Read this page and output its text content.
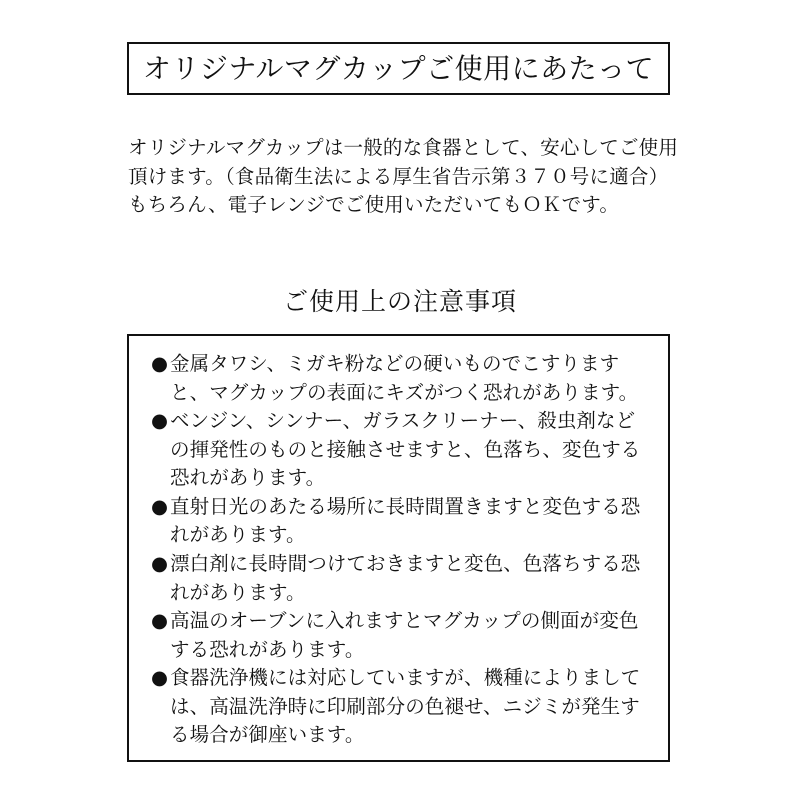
オリジナルマグカップご使用にあたって
オリジナルマグカップは一般的な食器として、安心してご使用頂けます。（食品衛生法による厚生省告示第３７０号に適合）もちろん、電子レンジでご使用いただいてもＯＫです。
ご使用上の注意事項
● 金属タワシ、ミガキ粉などの硬いものでこすりますと、マグカップの表面にキズがつく恐れがあります。
● ベンジン、シンナー、ガラスクリーナー、殺虫剤などの揮発性のものと接触させますと、色落ち、変色する恐れがあります。
● 直射日光のあたる場所に長時間置きますと変色する恐れがあります。
● 漂白剤に長時間つけておきますと変色、色落ちする恐れがあります。
● 高温のオーブンに入れますとマグカップの側面が変色する恐れがあります。
● 食器洗浄機には対応していますが、機種によりましては、高温洗浄時に印刷部分の色褪せ、ニジミが発生する場合が御座います。
